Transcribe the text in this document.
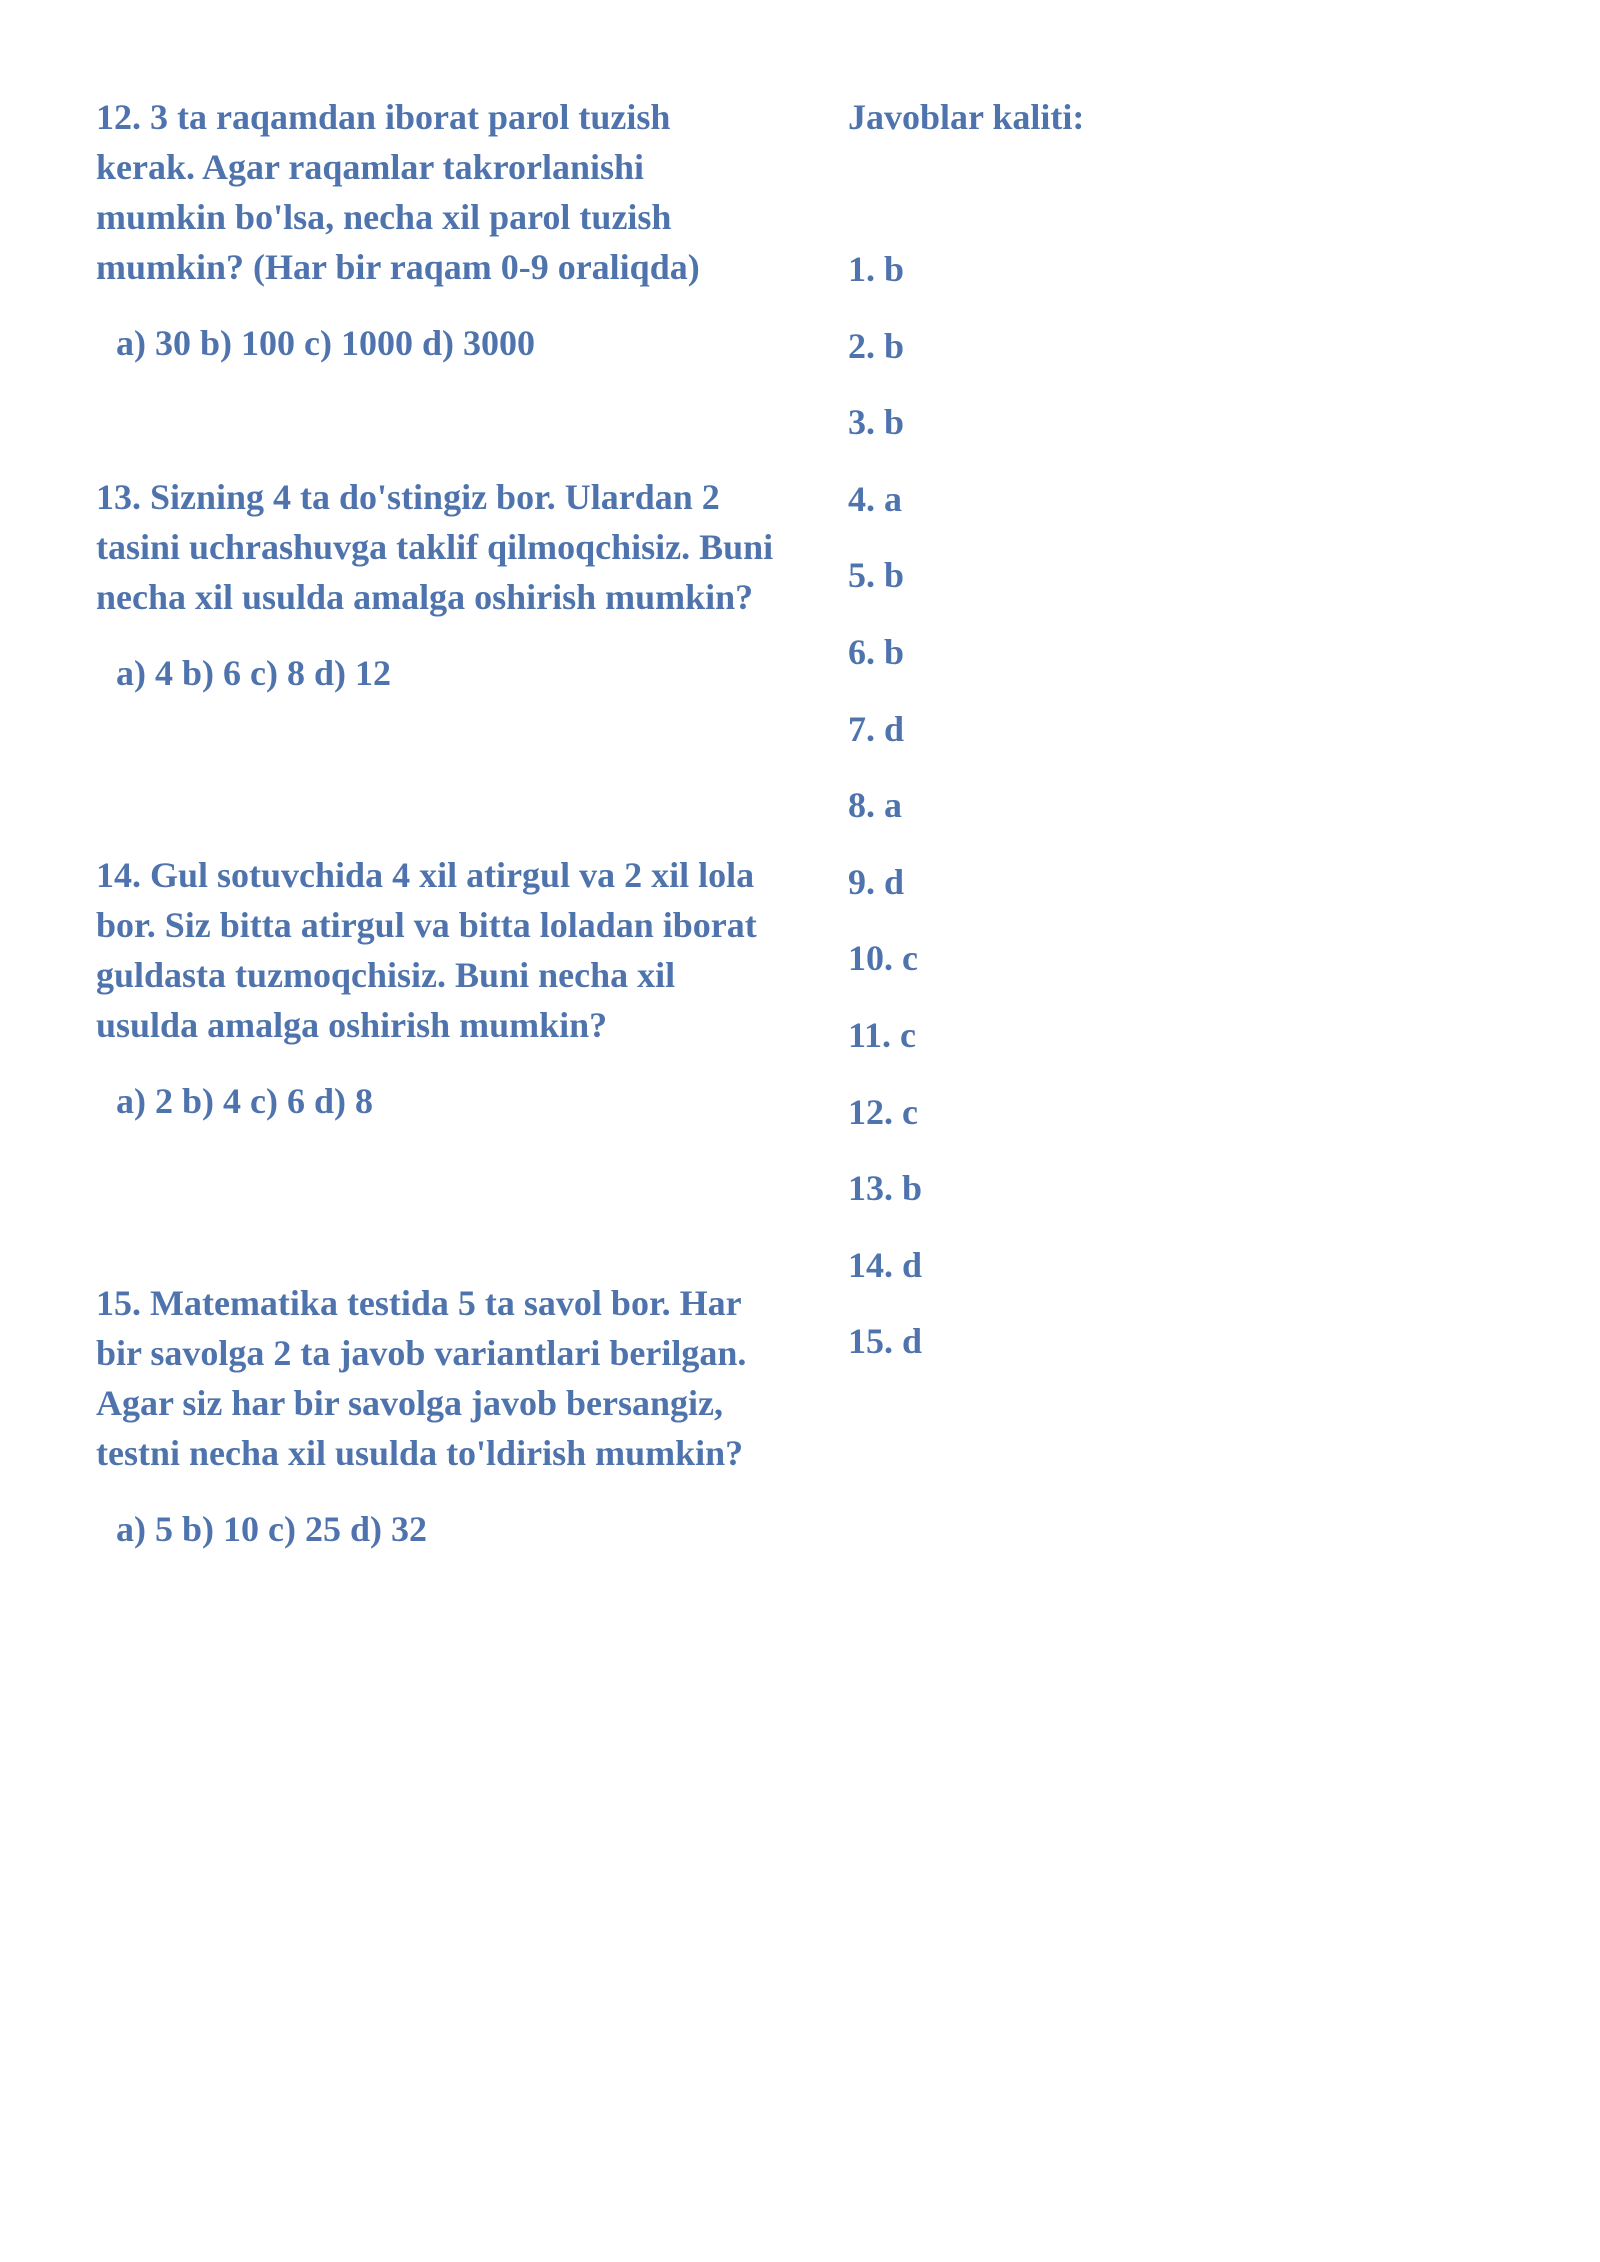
12. 3 ta raqamdan iborat parol tuzish kerak. Agar raqamlar takrorlanishi mumkin bo'lsa, necha xil parol tuzish mumkin? (Har bir raqam 0-9 oraliqda)

a) 30 b) 100 c) 1000 d) 3000

13. Sizning 4 ta do'stingiz bor. Ulardan 2 tasini uchrashuvga taklif qilmoqchisiz. Buni necha xil usulda amalga oshirish mumkin?

a) 4 b) 6 c) 8 d) 12

14. Gul sotuvchida 4 xil atirgul va 2 xil lola bor. Siz bitta atirgul va bitta loladan iborat guldasta tuzmoqchisiz. Buni necha xil usulda amalga oshirish mumkin?

a) 2 b) 4 c) 6 d) 8

15. Matematika testida 5 ta savol bor. Har bir savolga 2 ta javob variantlari berilgan. Agar siz har bir savolga javob bersangiz, testni necha xil usulda to'ldirish mumkin?

a) 5 b) 10 c) 25 d) 32

Javoblar kaliti:

1. b
2. b
3. b
4. a
5. b
6. b
7. d
8. a
9. d
10. c
11. c
12. c
13. b
14. d
15. d
